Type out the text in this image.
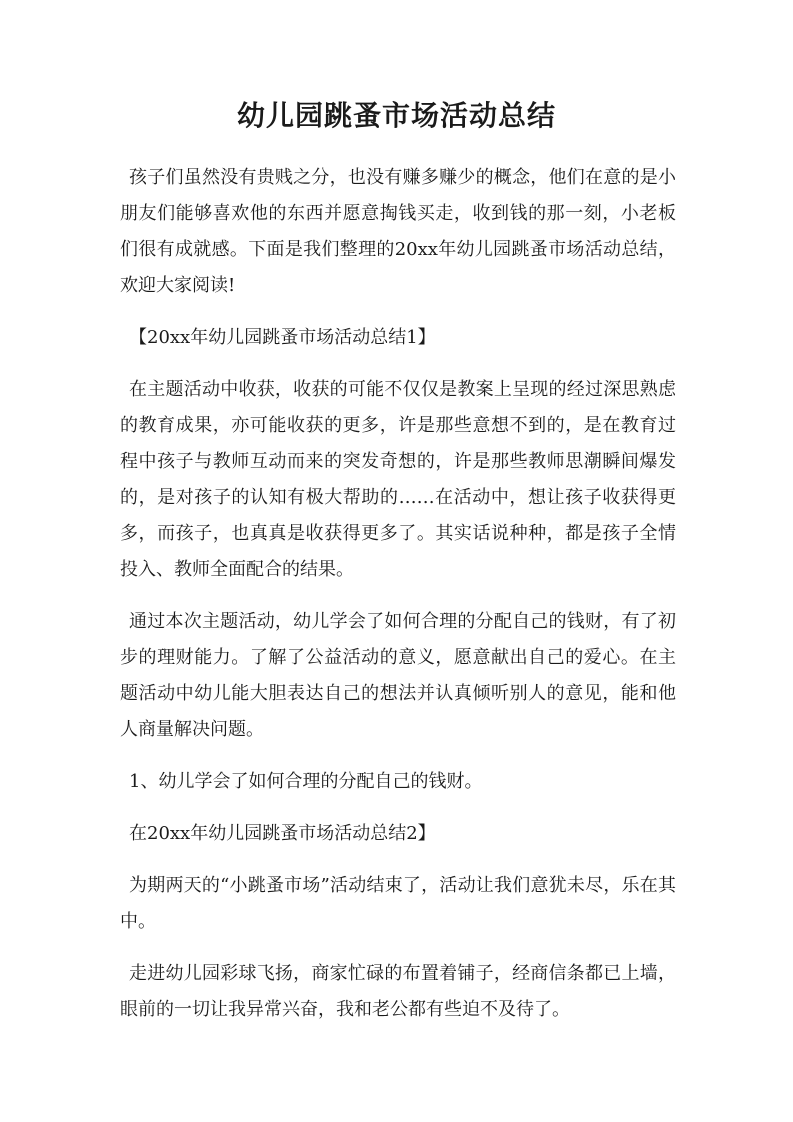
幼儿园跳蚤市场活动总结

孩子们虽然没有贵贱之分，也没有赚多赚少的概念，他们在意的是小朋友们能够喜欢他的东西并愿意掏钱买走，收到钱的那一刻，小老板们很有成就感。下面是我们整理的20xx年幼儿园跳蚤市场活动总结，欢迎大家阅读!

【20xx年幼儿园跳蚤市场活动总结1】

在主题活动中收获，收获的可能不仅仅是教案上呈现的经过深思熟虑的教育成果，亦可能收获的更多，许是那些意想不到的，是在教育过程中孩子与教师互动而来的突发奇想的，许是那些教师思潮瞬间爆发的，是对孩子的认知有极大帮助的……在活动中，想让孩子收获得更多，而孩子，也真真是收获得更多了。其实话说种种，都是孩子全情投入、教师全面配合的结果。

通过本次主题活动，幼儿学会了如何合理的分配自己的钱财，有了初步的理财能力。了解了公益活动的意义，愿意献出自己的爱心。在主题活动中幼儿能大胆表达自己的想法并认真倾听别人的意见，能和他人商量解决问题。

1、幼儿学会了如何合理的分配自己的钱财。

在20xx年幼儿园跳蚤市场活动总结2】

为期两天的“小跳蚤市场”活动结束了，活动让我们意犹未尽，乐在其中。

走进幼儿园彩球飞扬，商家忙碌的布置着铺子，经商信条都已上墙，眼前的一切让我异常兴奋，我和老公都有些迫不及待了。
